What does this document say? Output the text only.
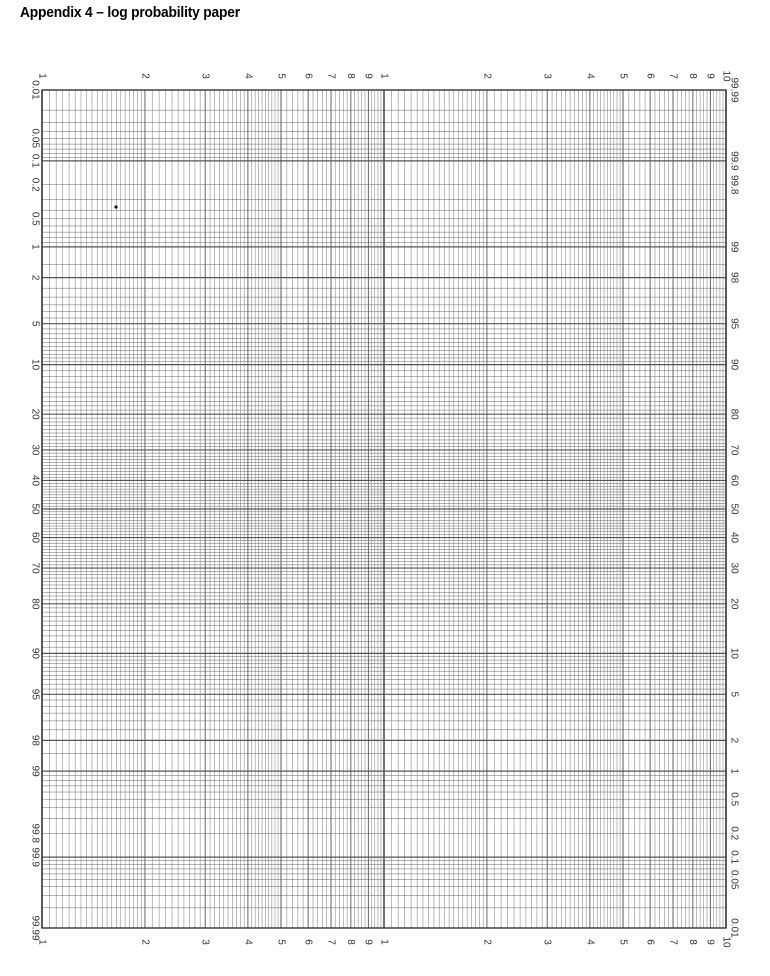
Appendix 4 – log probability paper
1
1
2
2
3
3
4
4
5
5
6
6
7
7
8
8
9
9
1
1
2
2
3
3
4
4
5
5
6
6
7
7
8
8
9
9
10
10
0.01
0.05
0.1
0.2
0.5
1
2
5
10
20
30
40
50
60
70
80
90
95
98
99
99.8
99.9
99.99
99.99
99.9
99.8
99
98
95
90
80
70
60
50
40
30
20
10
5
2
1
0.5
0.2
0.1
0.05
0.01
